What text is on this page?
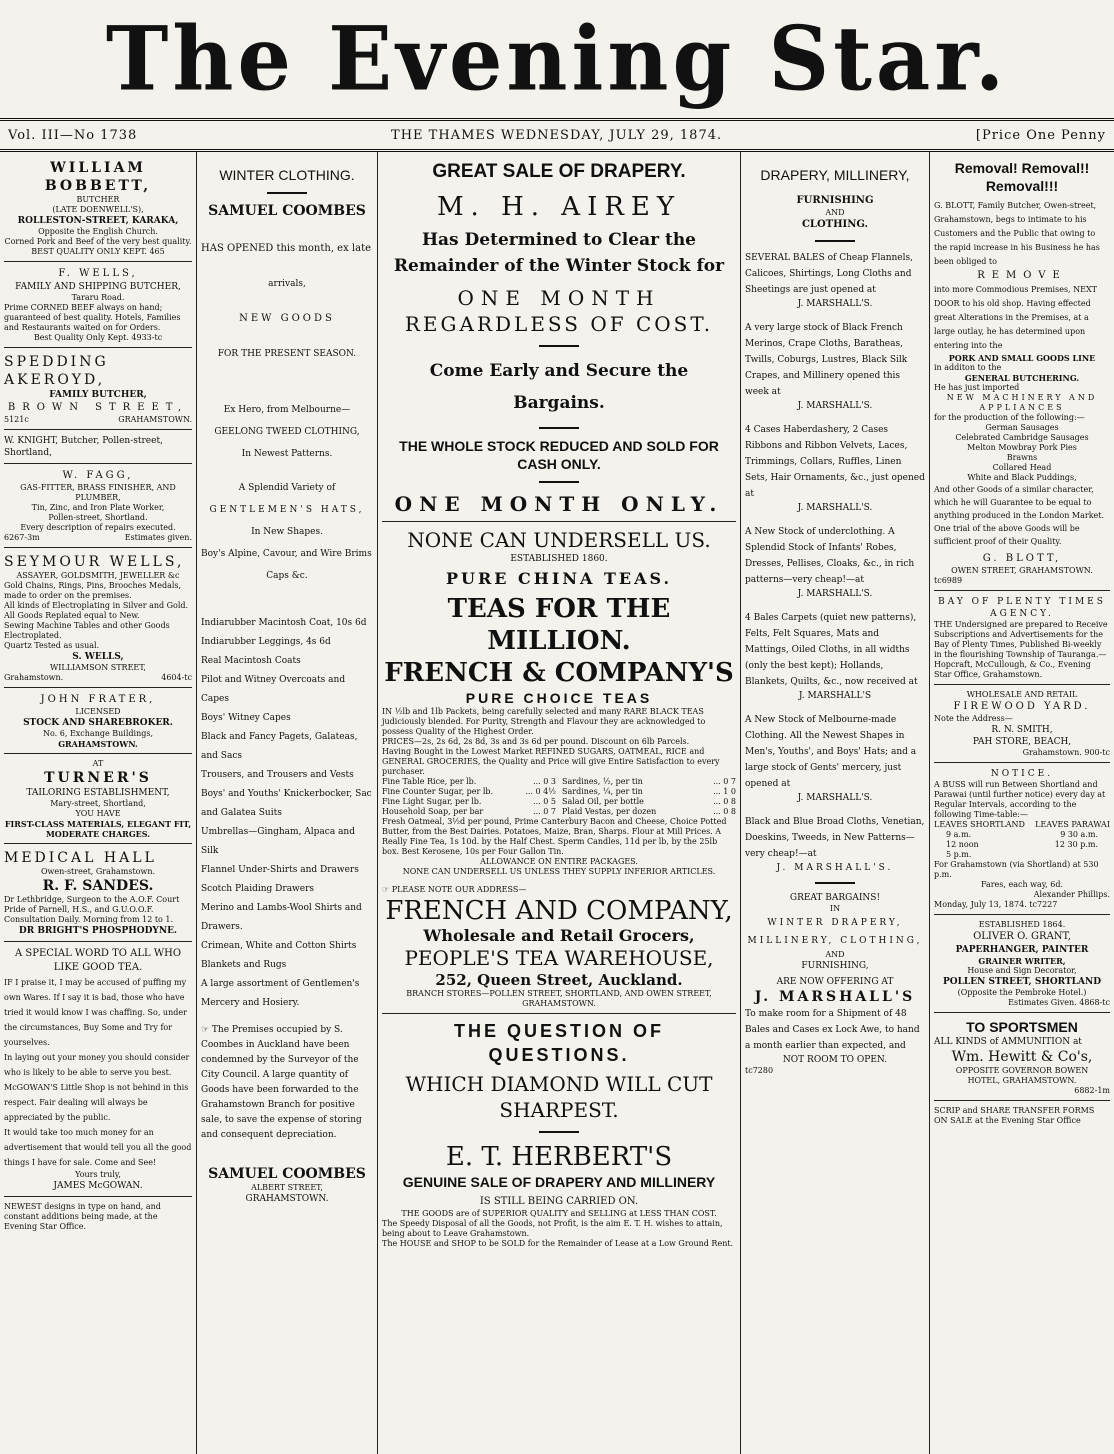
The Evening Star.
Vol. III—No 1738	THE THAMES WEDNESDAY, JULY 29, 1874.	[Price One Penny

WILLIAM BOBBETT,

BUTCHER

(LATE DOENWELL'S),

ROLLESTON-STREET, KARAKA,

Opposite the English Church.

Corned Pork and Beef of the very best quality.

BEST QUALITY ONLY KEPT. 465

F. WELLS,

FAMILY AND SHIPPING BUTCHER,

Tararu Road.

Prime CORNED BEEF always on hand; guaranteed of best quality. Hotels, Families and Restaurants waited on for Orders.

Best Quality Only Kept. 4933-tc

SPEDDING AKEROYD,

FAMILY BUTCHER,

BROWN STREET,

5121c	GRAHAMSTOWN.

W. KNIGHT, Butcher, Pollen-street, Shortland,

W. FAGG,

GAS-FITTER, BRASS FINISHER, AND PLUMBER,

Tin, Zinc, and Iron Plate Worker,

Pollen-street, Shortland.

Every description of repairs executed.

6267-3m	Estimates given.

SEYMOUR WELLS,

ASSAYER, GOLDSMITH, JEWELLER &c

Gold Chains, Rings, Pins, Brooches Medals, made to order on the premises.

All kinds of Electroplating in Silver and Gold.

All Goods Replated equal to New.

Sewing Machine Tables and other Goods Electroplated.

Quartz Tested as usual.

S. WELLS,

WILLIAMSON STREET,

Grahamstown.	4604-tc

JOHN FRATER,

LICENSED

STOCK AND SHAREBROKER.

No. 6, Exchange Buildings,

GRAHAMSTOWN.

AT

TURNER'S

TAILORING ESTABLISHMENT,

Mary-street, Shortland,

YOU HAVE

FIRST-CLASS MATERIALS, ELEGANT FIT, MODERATE CHARGES.

MEDICAL HALL

Owen-street, Grahamstown.

R. F. SANDES.

Dr Lethbridge, Surgeon to the A.O.F. Court Pride of Parnell, H.S., and G.U.O.O.F. Consultation Daily. Morning from 12 to 1.

DR BRIGHT'S PHOSPHODYNE.

A SPECIAL WORD TO ALL WHO

LIKE GOOD TEA.

IF I praise it, I may be accused of puffing my own Wares. If I say it is bad, those who have tried it would know I was chaffing. So, under the circumstances, Buy Some and Try for yourselves.

In laying out your money you should consider who is likely to be able to serve you best. McGOWAN'S Little Shop is not behind in this respect. Fair dealing will always be appreciated by the public.

It would take too much money for an advertisement that would tell you all the good things I have for sale. Come and See!

Yours truly,

JAMES McGOWAN.

NEWEST designs in type on hand, and constant additions being made, at the Evening Star Office.

WINTER CLOTHING.

SAMUEL COOMBES

HAS OPENED this month, ex late

arrivals,

NEW GOODS

FOR THE PRESENT SEASON.

Ex Hero, from Melbourne—

GEELONG TWEED CLOTHING,

In Newest Patterns.

A Splendid Variety of

GENTLEMEN'S HATS,

In New Shapes.

Boy's Alpine, Cavour, and Wire Brims

Caps &c.

Indiarubber Macintosh Coat, 10s 6d

Indiarubber Leggings, 4s 6d

Real Macintosh Coats

Pilot and Witney Overcoats and Capes

Boys' Witney Capes

Black and Fancy Pagets, Galateas, and Sacs

Trousers, and Trousers and Vests

Boys' and Youths' Knickerbocker, Sac and Galatea Suits

Umbrellas—Gingham, Alpaca and Silk

Flannel Under-Shirts and Drawers

Scotch Plaiding Drawers

Merino and Lambs-Wool Shirts and Drawers.

Crimean, White and Cotton Shirts

Blankets and Rugs

A large assortment of Gentlemen's Mercery and Hosiery.

☞ The Premises occupied by S. Coombes in Auckland have been condemned by the Surveyor of the City Council. A large quantity of Goods have been forwarded to the Grahamstown Branch for positive sale, to save the expense of storing and consequent depreciation.

SAMUEL COOMBES

ALBERT STREET,

GRAHAMSTOWN.

GREAT SALE OF DRAPERY.

M. H. AIREY

Has Determined to Clear the Remainder of the Winter Stock for

ONE MONTH

REGARDLESS OF COST.

Come Early and Secure the Bargains.

THE WHOLE STOCK REDUCED AND SOLD FOR CASH ONLY.

ONE MONTH ONLY.

NONE CAN UNDERSELL US.

ESTABLISHED 1860.

PURE CHINA TEAS.

TEAS FOR THE MILLION.

FRENCH & COMPANY'S

PURE CHOICE TEAS

IN ½lb and 1lb Packets, being carefully selected and many RARE BLACK TEAS judiciously blended. For Purity, Strength and Flavour they are acknowledged to possess Quality of the Highest Order.

PRICES—2s, 2s 6d, 2s 8d, 3s and 3s 6d per pound. Discount on 6lb Parcels.

Having Bought in the Lowest Market REFINED SUGARS, OATMEAL, RICE and GENERAL GROCERIES, the Quality and Price will give Entire Satisfaction to every purchaser.

Fine Table Rice, per lb.	... 0 3
Fine Counter Sugar, per lb.	... 0 4½
Fine Light Sugar, per lb.	... 0 5
Household Soap, per bar	... 0 7
Sardines, ½, per tin	... 0 7
Sardines, ¼, per tin	... 1 0
Salad Oil, per bottle	... 0 8
Plaid Vestas, per dozen	... 0 8

Fresh Oatmeal, 3½d per pound, Prime Canterbury Bacon and Cheese, Choice Potted Butter, from the Best Dairies. Potatoes, Maize, Bran, Sharps. Flour at Mill Prices. A Really Fine Tea, 1s 10d. by the Half Chest. Sperm Candles, 11d per lb, by the 25lb box. Best Kerosene, 10s per Four Gallon Tin.

ALLOWANCE ON ENTIRE PACKAGES.

NONE CAN UNDERSELL US UNLESS THEY SUPPLY INFERIOR ARTICLES.

☞ PLEASE NOTE OUR ADDRESS—

FRENCH AND COMPANY,

Wholesale and Retail Grocers,

PEOPLE'S TEA WAREHOUSE,

252, Queen Street, Auckland.

BRANCH STORES—POLLEN STREET, SHORTLAND, AND OWEN STREET, GRAHAMSTOWN.

THE QUESTION OF QUESTIONS.

WHICH DIAMOND WILL CUT SHARPEST.

E. T. HERBERT'S

GENUINE SALE OF DRAPERY AND MILLINERY

IS STILL BEING CARRIED ON.

THE GOODS are of SUPERIOR QUALITY and SELLING at LESS THAN COST.

The Speedy Disposal of all the Goods, not Profit, is the aim E. T. H. wishes to attain, being about to Leave Grahamstown.

The HOUSE and SHOP to be SOLD for the Remainder of Lease at a Low Ground Rent.

DRAPERY, MILLINERY,

FURNISHING

AND

CLOTHING.

SEVERAL BALES of Cheap Flannels, Calicoes, Shirtings, Long Cloths and Sheetings are just opened at

J. MARSHALL'S.

A very large stock of Black French Merinos, Crape Cloths, Baratheas, Twills, Coburgs, Lustres, Black Silk Crapes, and Millinery opened this week at

J. MARSHALL'S.

4 Cases Haberdashery, 2 Cases Ribbons and Ribbon Velvets, Laces, Trimmings, Collars, Ruffles, Linen Sets, Hair Ornaments, &c., just opened at

J. MARSHALL'S.

A New Stock of underclothing. A Splendid Stock of Infants' Robes, Dresses, Pellises, Cloaks, &c., in rich patterns—very cheap!—at

J. MARSHALL'S.

4 Bales Carpets (quiet new patterns), Felts, Felt Squares, Mats and Mattings, Oiled Cloths, in all widths (only the best kept); Hollands, Blankets, Quilts, &c., now received at

J. MARSHALL'S

A New Stock of Melbourne-made Clothing. All the Newest Shapes in Men's, Youths', and Boys' Hats; and a large stock of Gents' mercery, just opened at

J. MARSHALL'S.

Black and Blue Broad Cloths, Venetian, Doeskins, Tweeds, in New Patterns—very cheap!—at

J. MARSHALL'S.

GREAT BARGAINS!

IN

WINTER DRAPERY, MILLINERY, CLOTHING,

AND

FURNISHING,

ARE NOW OFFERING AT

J. MARSHALL'S

To make room for a Shipment of 48 Bales and Cases ex Lock Awe, to hand a month earlier than expected, and

NOT ROOM TO OPEN.

tc7280

Removal! Removal!!

Removal!!!

G. BLOTT, Family Butcher, Owen-street, Grahamstown, begs to intimate to his Customers and the Public that owing to the rapid increase in his Business he has been obliged to

REMOVE

into more Commodious Premises, NEXT DOOR to his old shop. Having effected great Alterations in the Premises, at a large outlay, he has determined upon entering into the

PORK AND SMALL GOODS LINE

in additon to the

GENERAL BUTCHERING.

He has just imported

NEW MACHINERY AND APPLIANCES

for the production of the following:—

German Sausages

Celebrated Cambridge Sausages

Melton Mowbray Pork Pies

Brawns

Collared Head

White and Black Puddings,

And other Goods of a similar character, which he will Guarantee to be equal to anything produced in the London Market. One trial of the above Goods will be sufficient proof of their Quality.

G. BLOTT,

OWEN STREET, GRAHAMSTOWN.

tc6989

BAY OF PLENTY TIMES AGENCY.

THE Undersigned are prepared to Receive Subscriptions and Advertisements for the Bay of Plenty Times, Published Bi-weekly in the flourishing Township of Tauranga.—Hopcraft, McCullough, & Co., Evening Star Office, Grahamstown.

WHOLESALE AND RETAIL

FIREWOOD YARD.

Note the Address—

R. N. SMITH,

PAH STORE, BEACH,

Grahamstown. 900-tc

NOTICE.

A BUSS will run Between Shortland and Parawai (until further notice) every day at Regular Intervals, according to the following Time-table:—

LEAVES SHORTLAND LEAVES PARAWAI
9 a.m.	9 30 a.m.
12 noon	12 30 p.m.
5 p.m.

For Grahamstown (via Shortland) at 530 p.m.

Fares, each way, 6d.

Alexander Phillips.

Monday, July 13, 1874. tc7227

ESTABLISHED 1864.

OLIVER O. GRANT,

PAPERHANGER, PAINTER

GRAINER WRITER,

House and Sign Decorator,

POLLEN STREET, SHORTLAND

(Opposite the Pembroke Hotel.)

Estimates Given. 4868-tc

TO SPORTSMEN

ALL KINDS of AMMUNITION at

Wm. Hewitt & Co's,

OPPOSITE GOVERNOR BOWEN

HOTEL, GRAHAMSTOWN.

6882-1m

SCRIP and SHARE TRANSFER FORMS ON SALE at the Evening Star Office
